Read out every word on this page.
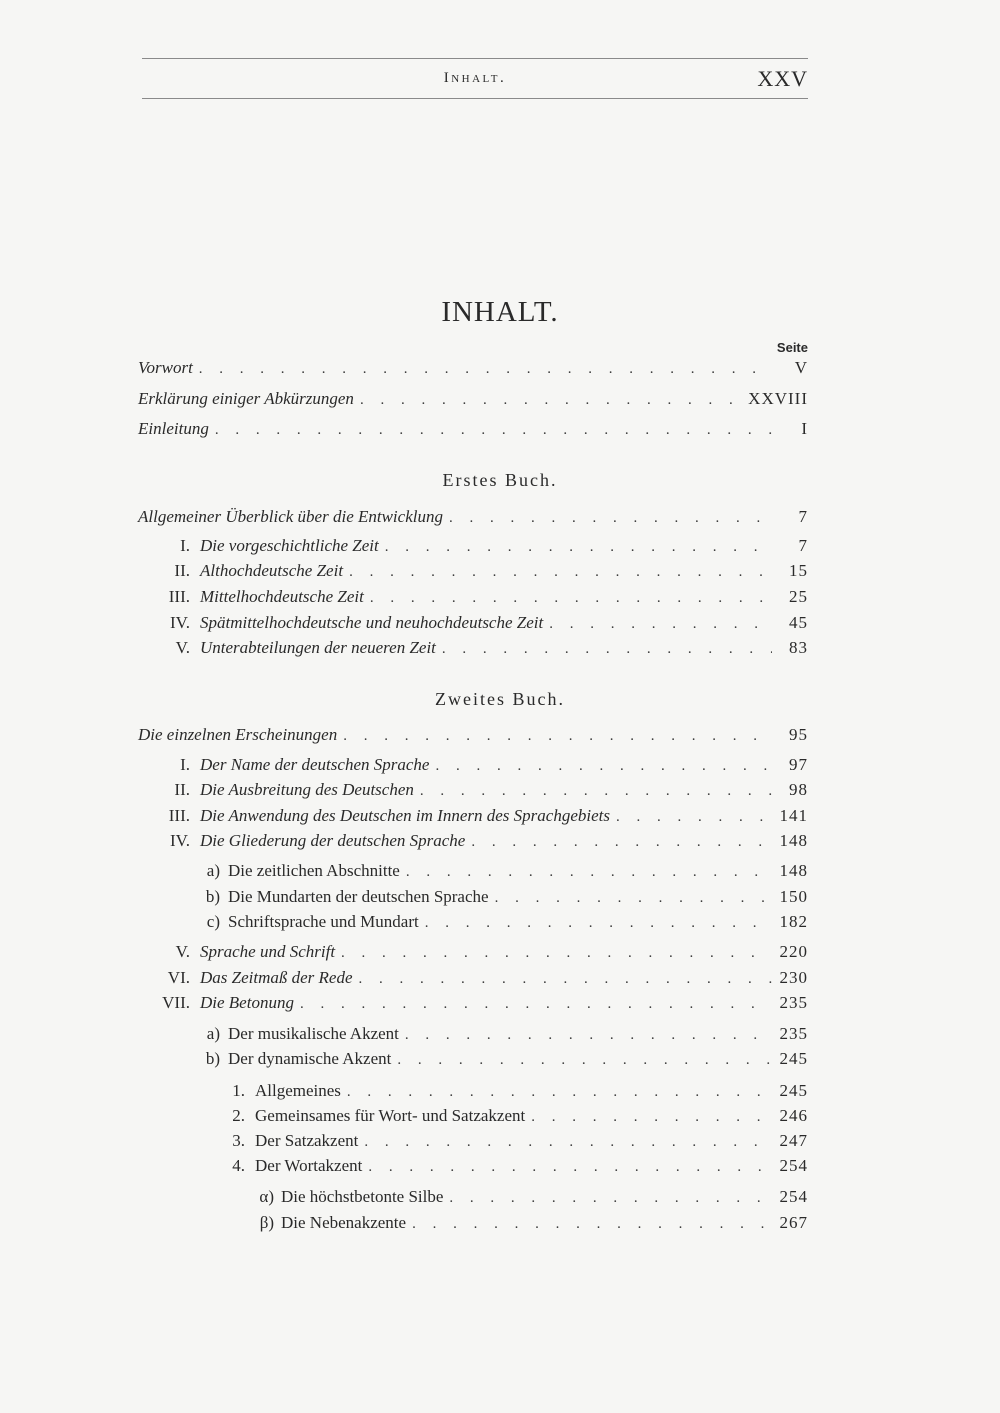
Inhalt.	XXV
INHALT.
Seite
Vorwort . . .	V
Erklärung einiger Abkürzungen . . .	XXVIII
Einleitung . . .	I
Erstes Buch.
Allgemeiner Überblick über die Entwicklung . . .	7
I. Die vorgeschichtliche Zeit . . .	7
II. Althochdeutsche Zeit . . .	15
III. Mittelhochdeutsche Zeit . . .	25
IV. Spätmittelhochdeutsche und neuhochdeutsche Zeit . . .	45
V. Unterabteilungen der neueren Zeit . . .	83
Zweites Buch.
Die einzelnen Erscheinungen . . .	95
I. Der Name der deutschen Sprache . . .	97
II. Die Ausbreitung des Deutschen . . .	98
III. Die Anwendung des Deutschen im Innern des Sprachgebiets . . .	141
IV. Die Gliederung der deutschen Sprache . . .	148
a) Die zeitlichen Abschnitte . . .	148
b) Die Mundarten der deutschen Sprache . . .	150
c) Schriftsprache und Mundart . . .	182
V. Sprache und Schrift . . .	220
VI. Das Zeitmaß der Rede . . .	230
VII. Die Betonung . . .	235
a) Der musikalische Akzent . . .	235
b) Der dynamische Akzent . . .	245
1. Allgemeines . . .	245
2. Gemeinsames für Wort- und Satzakzent . . .	246
3. Der Satzakzent . . .	247
4. Der Wortakzent . . .	254
α) Die höchstbetonte Silbe . . .	254
β) Die Nebenakzente . . .	267
